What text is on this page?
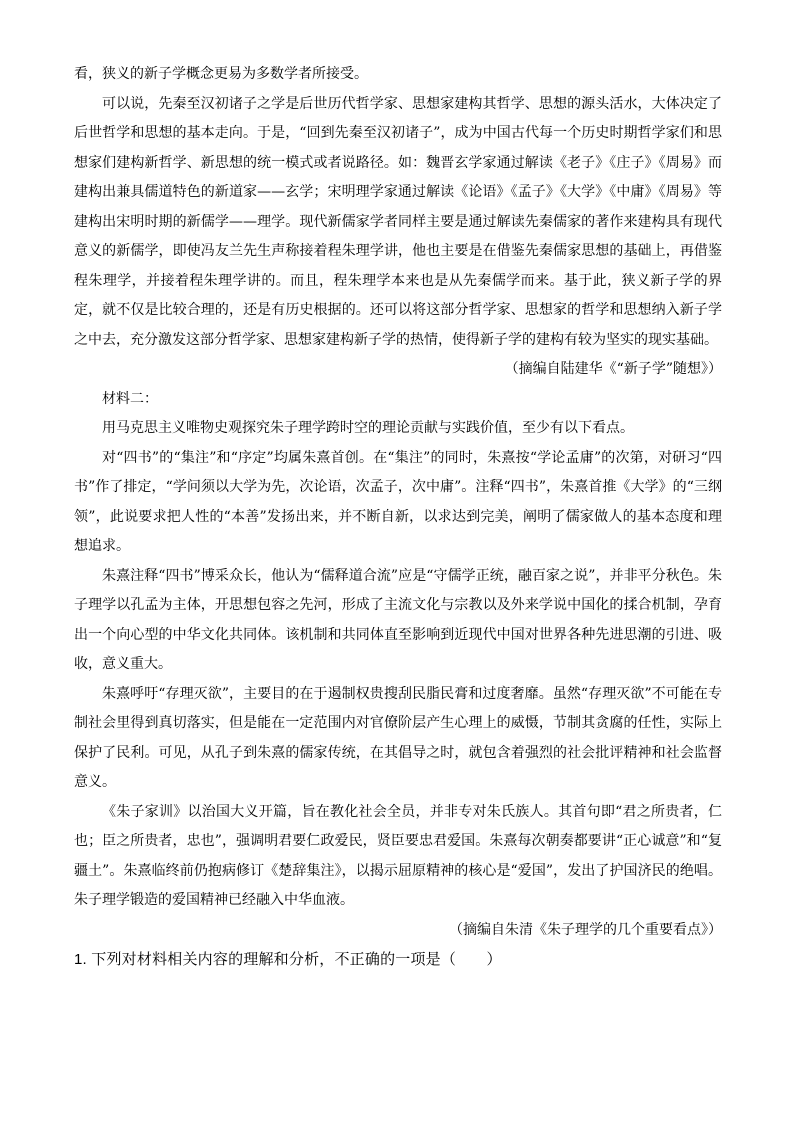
看，狭义的新子学概念更易为多数学者所接受。

可以说，先秦至汉初诸子之学是后世历代哲学家、思想家建构其哲学、思想的源头活水，大体决定了后世哲学和思想的基本走向。于是，“回到先秦至汉初诸子”，成为中国古代每一个历史时期哲学家们和思想家们建构新哲学、新思想的统一模式或者说路径。如：魏晋玄学家通过解读《老子》《庄子》《周易》而建构出兼具儒道特色的新道家——玄学；宋明理学家通过解读《论语》《孟子》《大学》《中庸》《周易》等建构出宋明时期的新儒学——理学。现代新儒家学者同样主要是通过解读先秦儒家的著作来建构具有现代意义的新儒学，即使冯友兰先生声称接着程朱理学讲，他也主要是在借鉴先秦儒家思想的基础上，再借鉴程朱理学，并接着程朱理学讲的。而且，程朱理学本来也是从先秦儒学而来。基于此，狭义新子学的界定，就不仅是比较合理的，还是有历史根据的。还可以将这部分哲学家、思想家的哲学和思想纳入新子学之中去，充分激发这部分哲学家、思想家建构新子学的热情，使得新子学的建构有较为坚实的现实基础。

（摘编自陆建华《“新子学”随想》）

材料二：

用马克思主义唯物史观探究朱子理学跨时空的理论贡献与实践价值，至少有以下看点。

对“四书”的“集注”和“序定”均属朱熹首创。在“集注”的同时，朱熹按“学论孟庸”的次第，对研习“四书”作了排定，“学问须以大学为先，次论语，次孟子，次中庸”。注释“四书”，朱熹首推《大学》的“三纲领”，此说要求把人性的“本善”发扬出来，并不断自新，以求达到完美，阐明了儒家做人的基本态度和理想追求。

朱熹注释“四书”博采众长，他认为“儒释道合流”应是“守儒学正统，融百家之说”，并非平分秋色。朱子理学以孔孟为主体，开思想包容之先河，形成了主流文化与宗教以及外来学说中国化的揉合机制，孕育出一个向心型的中华文化共同体。该机制和共同体直至影响到近现代中国对世界各种先进思潮的引进、吸收，意义重大。

朱熹呼吁“存理灭欲”，主要目的在于遏制权贵搜刮民脂民膏和过度奢靡。虽然“存理灭欲”不可能在专制社会里得到真切落实，但是能在一定范围内对官僚阶层产生心理上的威慑，节制其贪腐的任性，实际上保护了民利。可见，从孔子到朱熹的儒家传统，在其倡导之时，就包含着强烈的社会批评精神和社会监督意义。

《朱子家训》以治国大义开篇，旨在教化社会全员，并非专对朱氏族人。其首句即“君之所贵者，仁也；臣之所贵者，忠也”，强调明君要仁政爱民，贤臣要忠君爱国。朱熹每次朝奏都要讲“正心诚意”和“复疆土”。朱熹临终前仍抱病修订《楚辞集注》，以揭示屈原精神的核心是“爱国”，发出了护国济民的绝唱。朱子理学锻造的爱国精神已经融入中华血液。

（摘编自朱清《朱子理学的几个重要看点》）

1. 下列对材料相关内容的理解和分析，不正确的一项是（　　）
